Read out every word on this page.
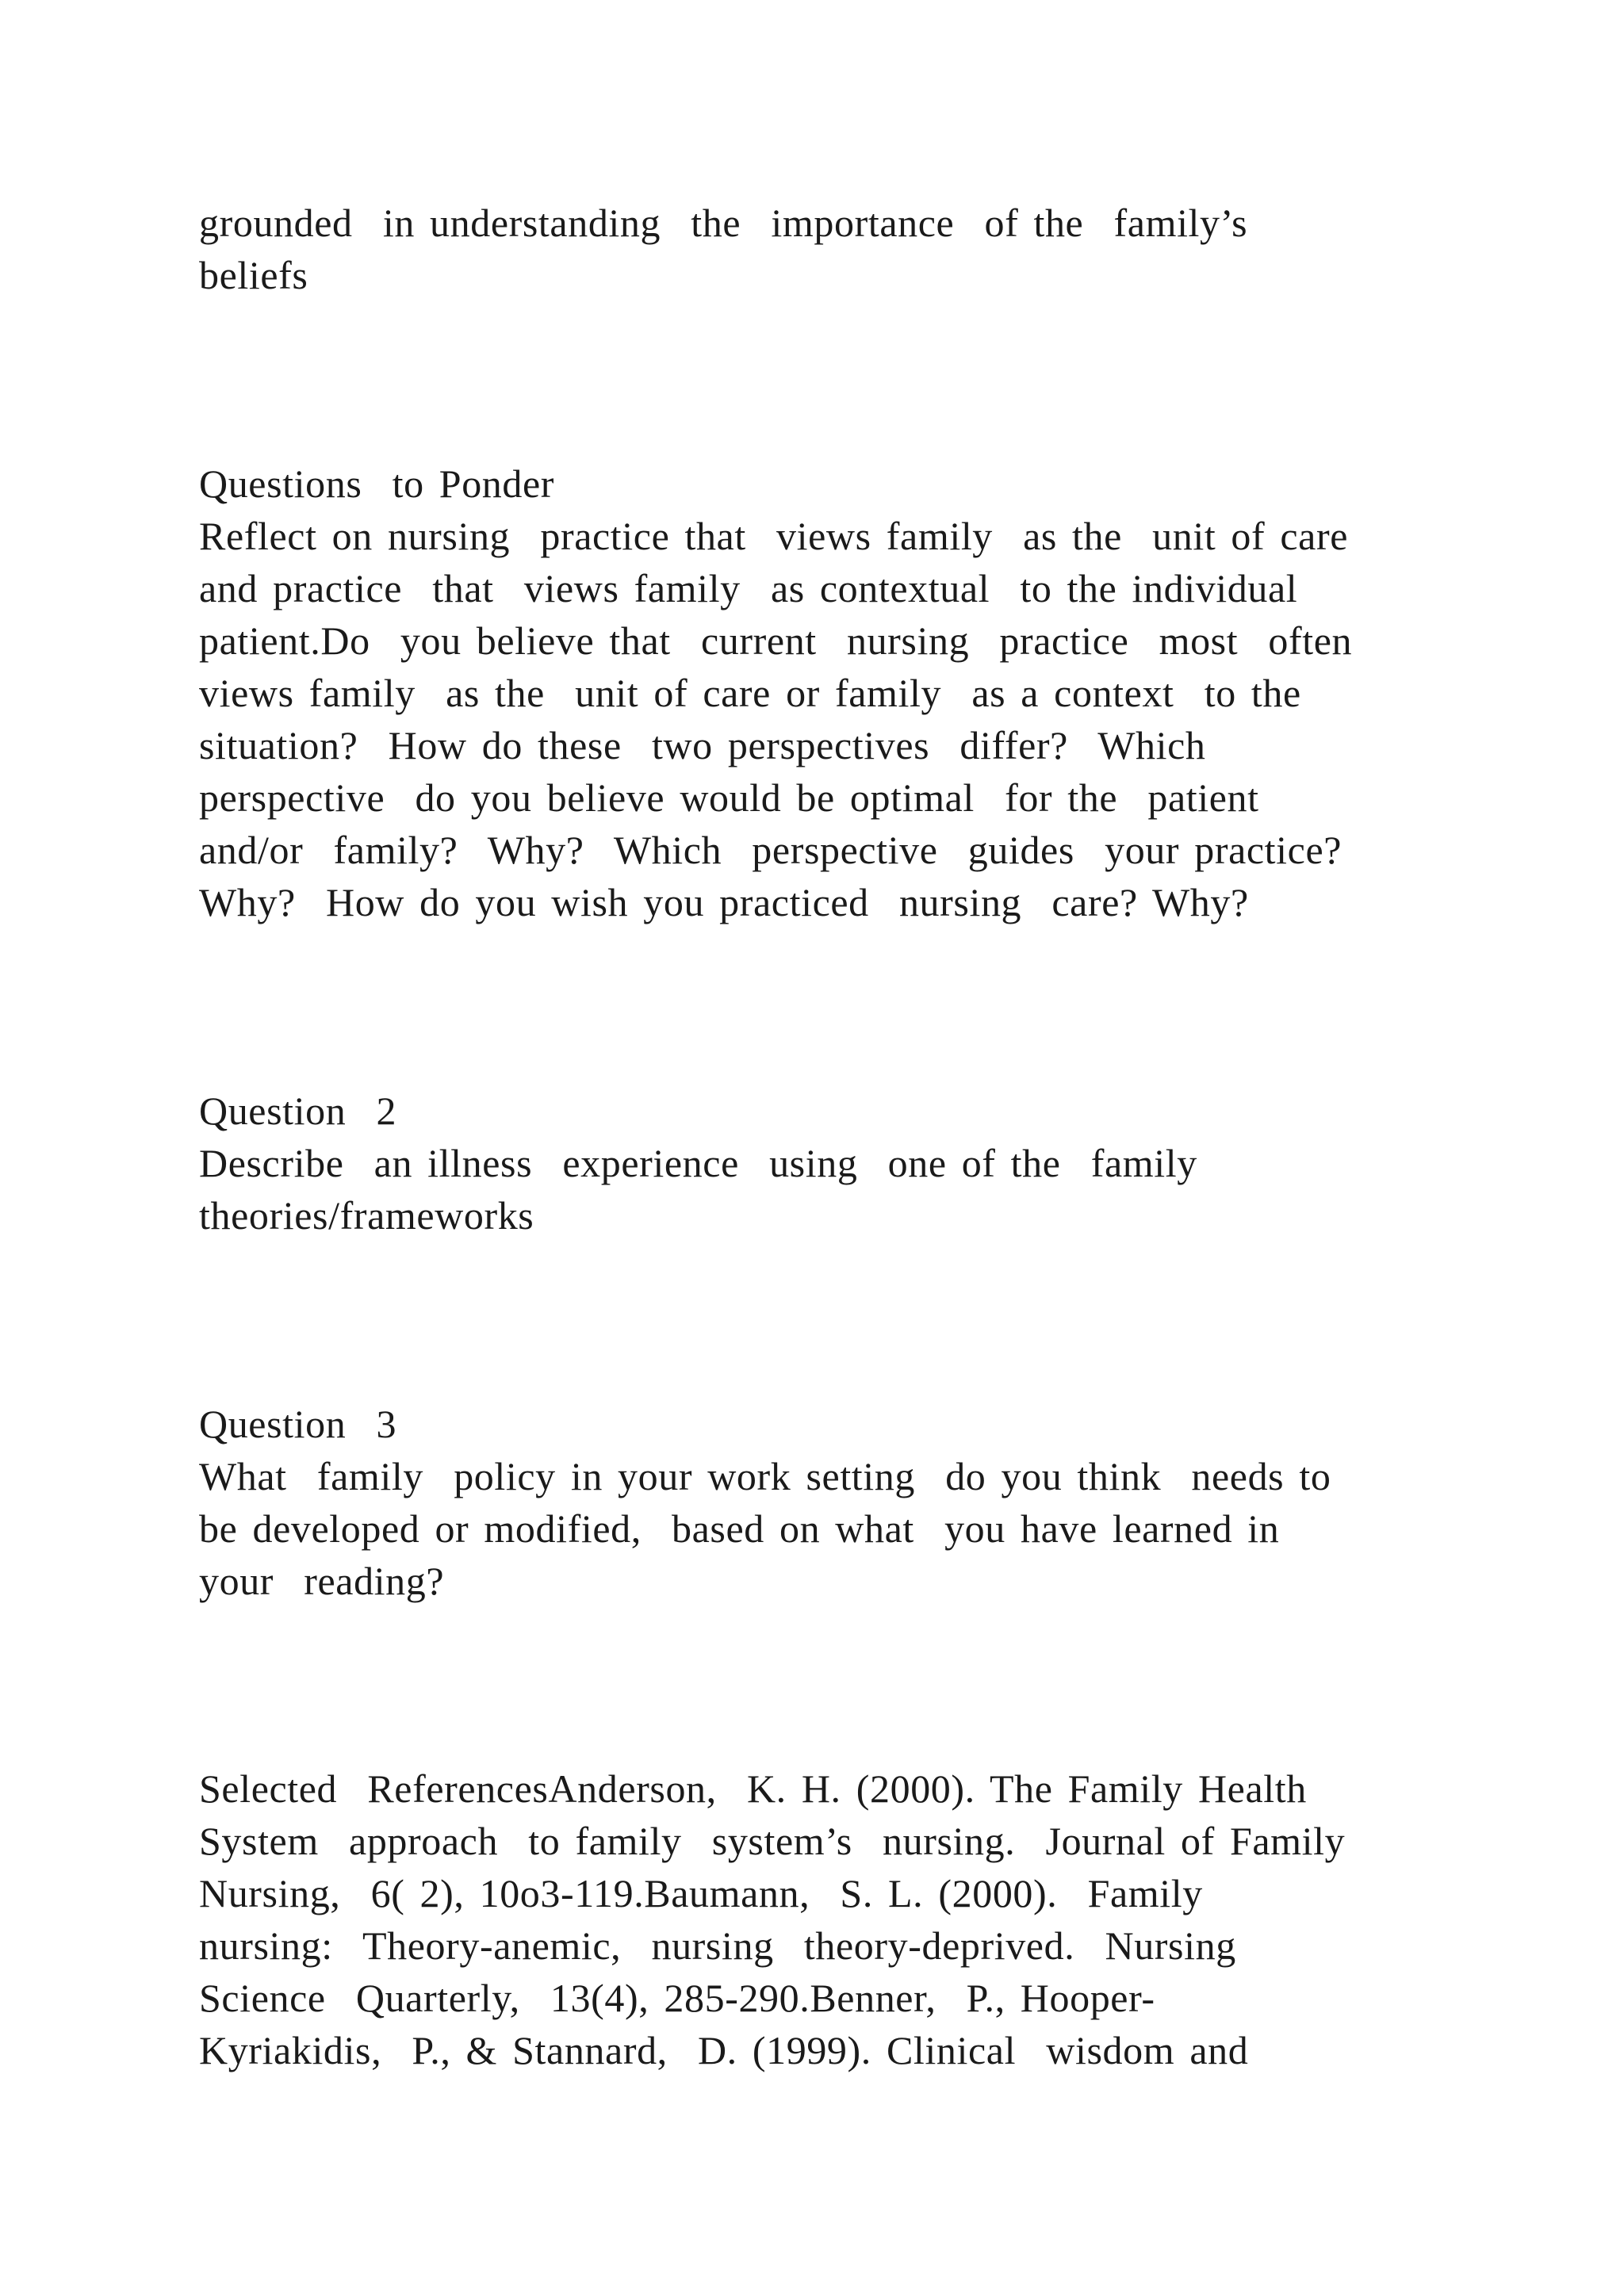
grounded  in understanding  the  importance  of the  family’s
beliefs
Questions  to Ponder
Reflect on nursing  practice that  views family  as the  unit of care
and practice  that  views family  as contextual  to the individual
patient.Do  you believe that  current  nursing  practice  most  often
views family  as the  unit of care or family  as a context  to the
situation?  How do these  two perspectives  differ?  Which
perspective  do you believe would be optimal  for the  patient
and/or  family?  Why?  Which  perspective  guides  your practice?
Why?  How do you wish you practiced  nursing  care? Why?
Question  2
Describe  an illness  experience  using  one of the  family
theories/frameworks
Question  3
What  family  policy in your work setting  do you think  needs to
be developed or modified,  based on what  you have learned in
your  reading?
Selected  ReferencesAnderson,  K. H. (2000). The Family Health
System  approach  to family  system’s  nursing.  Journal of Family
Nursing,  6( 2), 10o3-119.Baumann,  S. L. (2000).  Family
nursing:  Theory-anemic,  nursing  theory-deprived.  Nursing
Science  Quarterly,  13(4), 285-290.Benner,  P., Hooper-
Kyriakidis,  P., & Stannard,  D. (1999). Clinical  wisdom and
